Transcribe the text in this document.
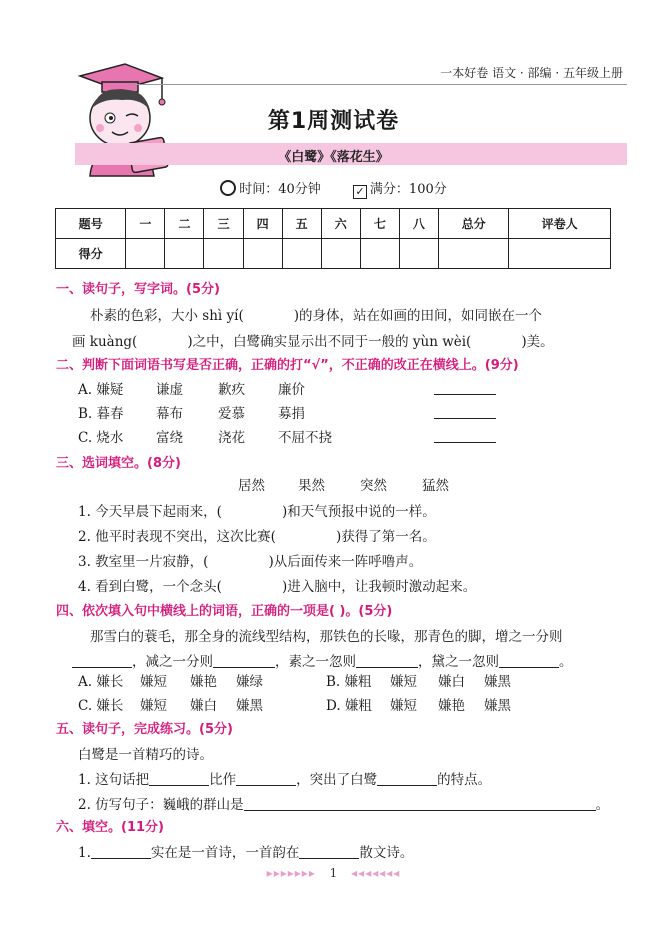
一本好卷 语文 · 部编 · 五年级上册
第1周测试卷
《白鹭》《落花生》
时间：40分钟	✓ 满分：100分
题号	一	二	三	四	五	六	七	八	总分	评卷人
得分										
一、读句子，写字词。(5分)
朴素的色彩，大小 shì yí(	)的身体，站在如画的田间，如同嵌在一个
画 kuàng(	)之中，白鹭确实显示出不同于一般的 yùn wèi(	)美。
二、判断下面词语书写是否正确，正确的打“√”，不正确的改正在横线上。(9分)
A. 嫌疑 谦虚	歉疚 廉价
B. 暮春 幕布	爱慕 募捐
C. 烧水 富绕	浇花 不屈不挠
三、选词填空。(8分)
居然 果然	突然	猛然
1. 今天早晨下起雨来，(	)和天气预报中说的一样。
2. 他平时表现不突出，这次比赛(	)获得了第一名。
3. 教室里一片寂静，(	)从后面传来一阵呼噜声。
4. 看到白鹭，一个念头(	)进入脑中，让我顿时激动起来。
四、依次填入句中横线上的词语，正确的一项是( )。(5分)
那雪白的蓑毛，那全身的流线型结构，那铁色的长喙，那青色的脚，增之一分则
，减之一分则	，素之一忽则	，黛之一忽则	。
A. 嫌长 嫌短 嫌艳 嫌绿	B. 嫌粗 嫌短 嫌白 嫌黑
C. 嫌长 嫌短 嫌白 嫌黑	D. 嫌粗 嫌短 嫌艳 嫌黑
五、读句子，完成练习。(5分)
白鹭是一首精巧的诗。
1. 这句话把	比作	，突出了白鹭	的特点。
2. 仿写句子：巍峨的群山是	。
六、填空。(11分)
1.	实在是一首诗，一首韵在	散文诗。
▸▸▸▸▸▸▸ 1 ◂◂◂◂◂◂◂
